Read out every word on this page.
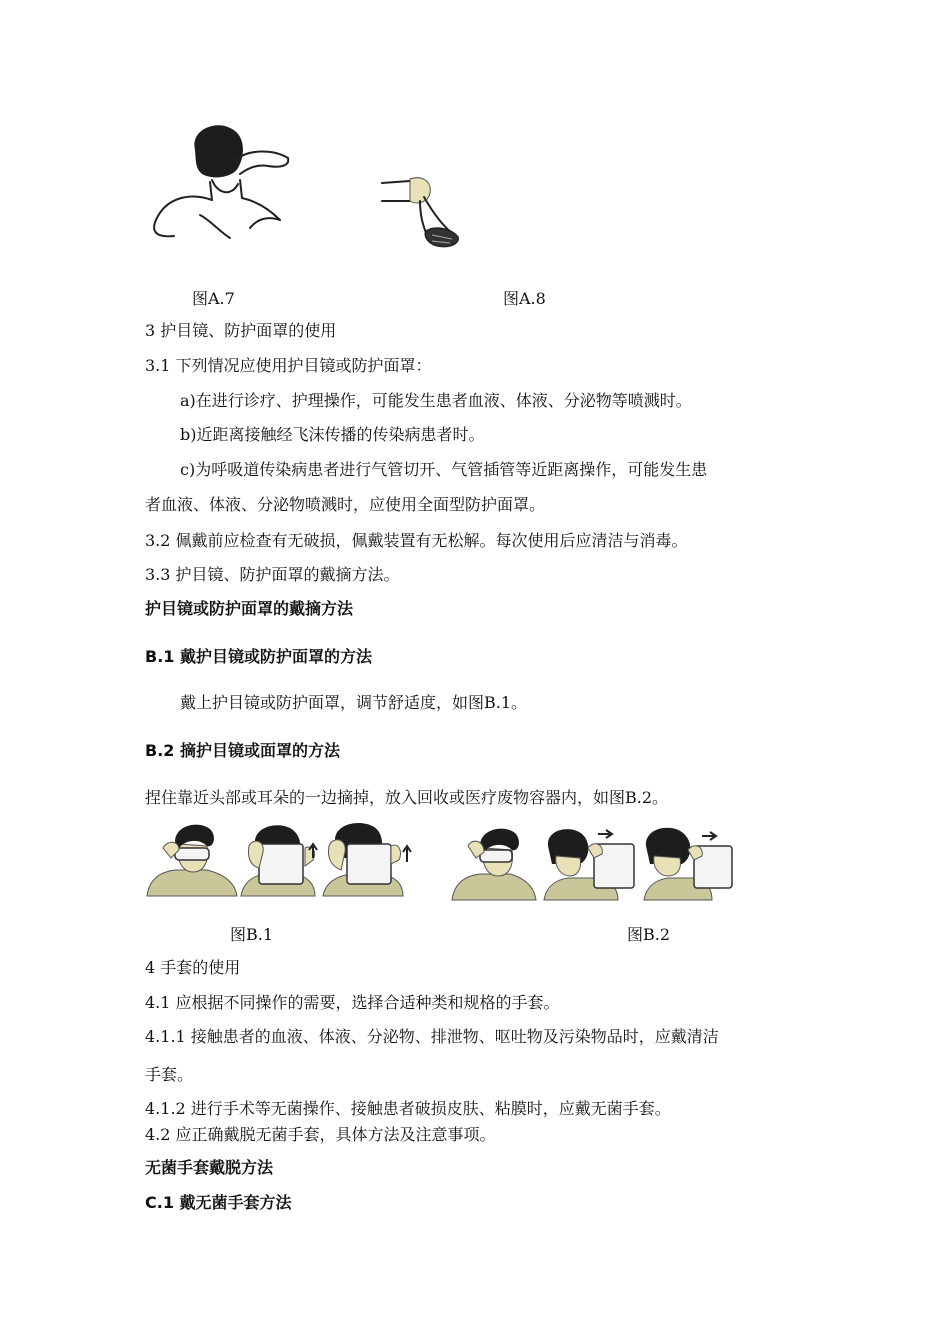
图A.7	图A.8
3 护目镜、防护面罩的使用
3.1 下列情况应使用护目镜或防护面罩：
a)在进行诊疗、护理操作，可能发生患者血液、体液、分泌物等喷溅时。
b)近距离接触经飞沫传播的传染病患者时。
c)为呼吸道传染病患者进行气管切开、气管插管等近距离操作，可能发生患
者血液、体液、分泌物喷溅时，应使用全面型防护面罩。
3.2 佩戴前应检查有无破损，佩戴装置有无松解。每次使用后应清洁与消毒。
3.3 护目镜、防护面罩的戴摘方法。
护目镜或防护面罩的戴摘方法
B.1 戴护目镜或防护面罩的方法
戴上护目镜或防护面罩，调节舒适度，如图B.1。
B.2 摘护目镜或面罩的方法
捏住靠近头部或耳朵的一边摘掉，放入回收或医疗废物容器内，如图B.2。
图B.1	图B.2
4 手套的使用
4.1 应根据不同操作的需要，选择合适种类和规格的手套。
4.1.1 接触患者的血液、体液、分泌物、排泄物、呕吐物及污染物品时，应戴清洁
手套。
4.1.2 进行手术等无菌操作、接触患者破损皮肤、粘膜时，应戴无菌手套。
4.2 应正确戴脱无菌手套，具体方法及注意事项。
无菌手套戴脱方法
C.1 戴无菌手套方法
